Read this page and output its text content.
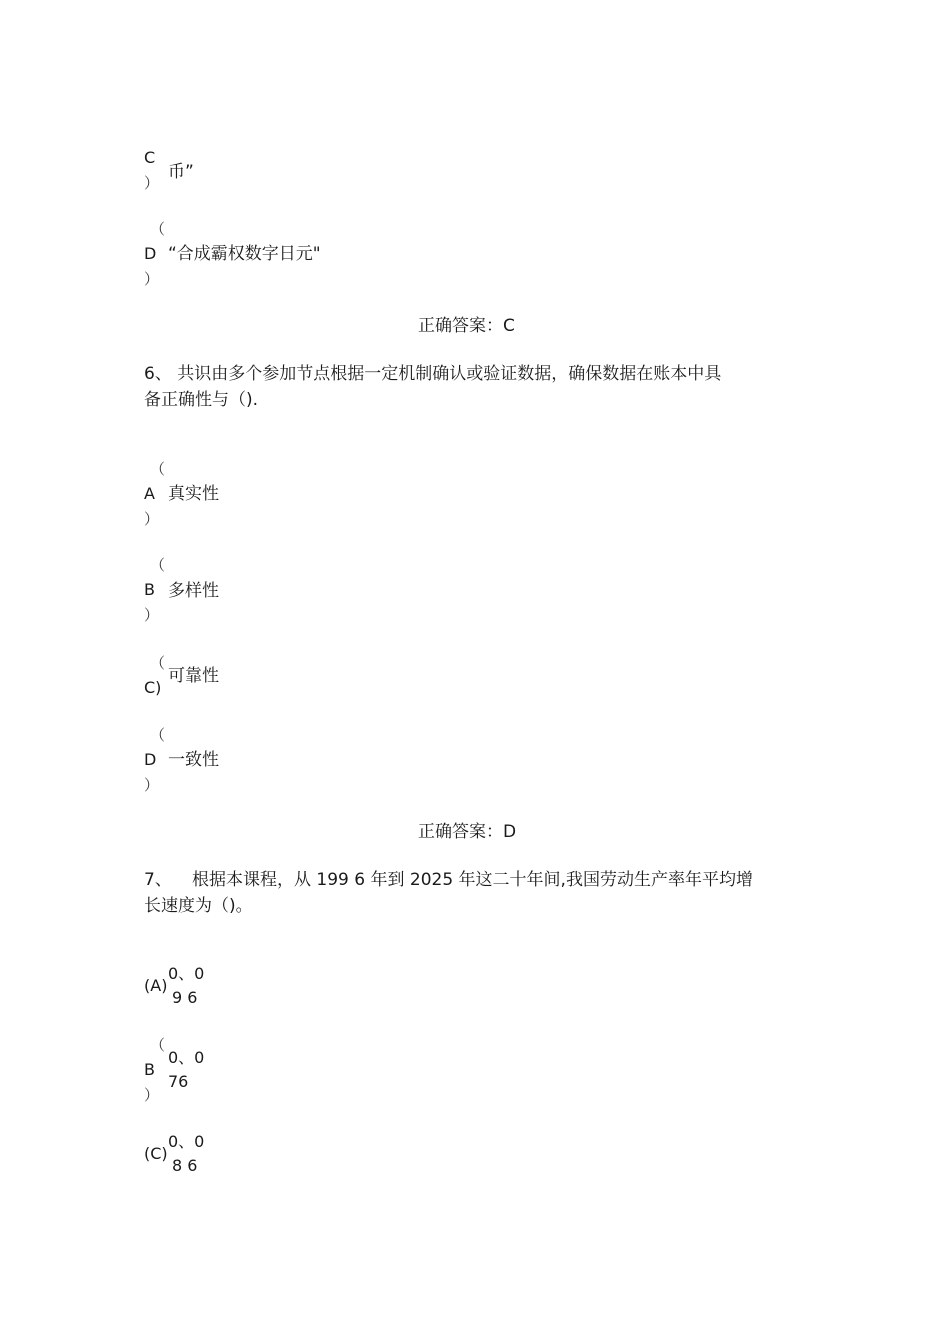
C
币”
）
（
D “合成霸权数字日元"
）
正确答案：C
6、 共识由多个参加节点根据一定机制确认或验证数据，确保数据在账本中具
备正确性与（).
（
A 真实性
）
（
B 多样性
）
（
可靠性
C)
（
D 一致性
）
正确答案：D
7、 根据本课程，从 199 6 年到 2025 年这二十年间,我国劳动生产率年平均增
长速度为（)。
(A)
0、0
9 6
（
0、0
B
76
）
(C)
0、0
8 6
